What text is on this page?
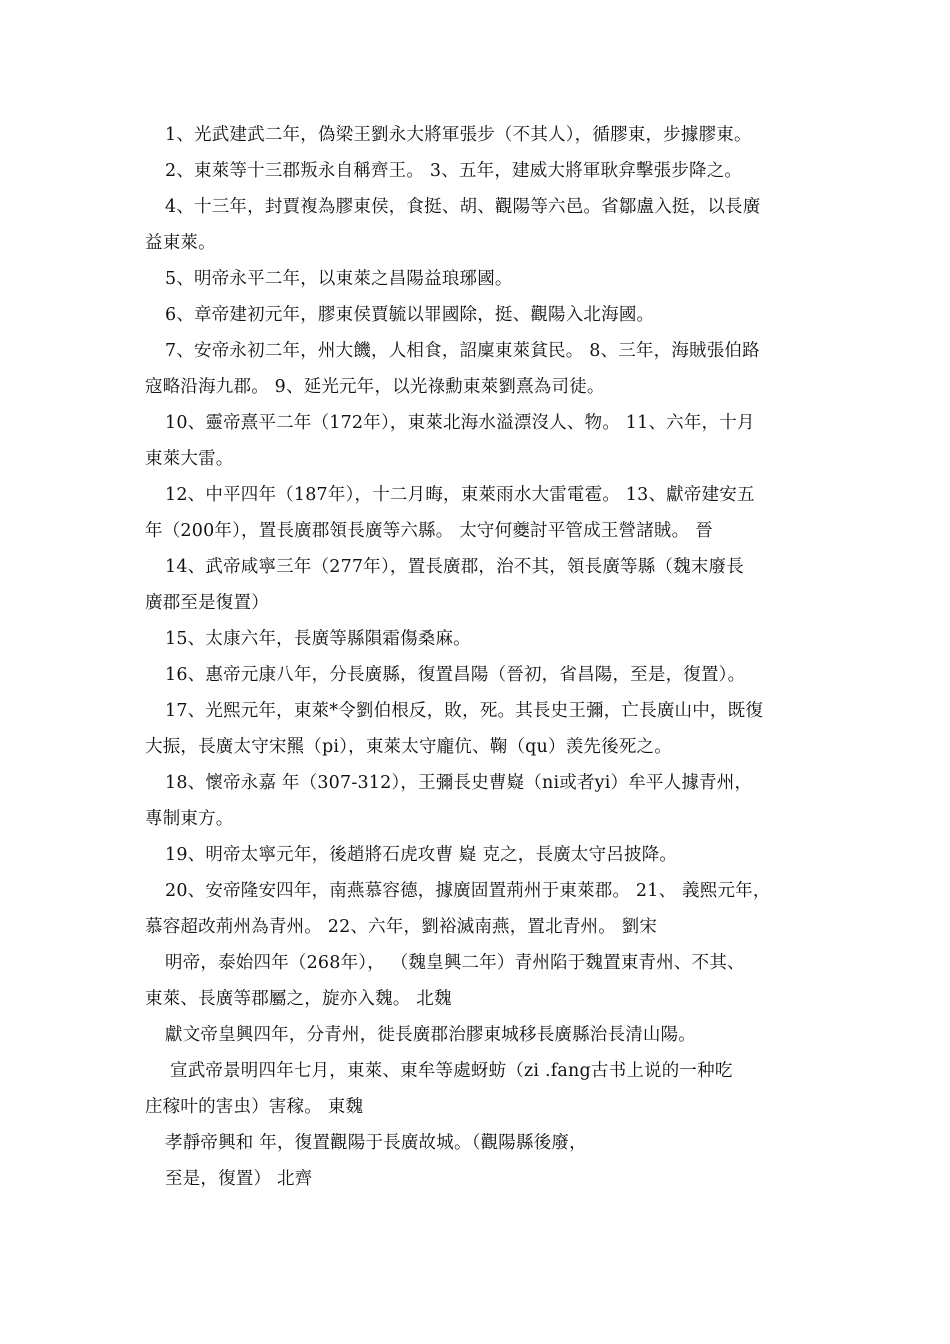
1、光武建武二年，偽梁王劉永大將軍張步（不其人），循膠東，步據膠東。
2、東萊等十三郡叛永自稱齊王。 3、五年，建威大將軍耿弇擊張步降之。
4、十三年，封賈複為膠東侯，食挺、胡、觀陽等六邑。省鄒盧入挺，以長廣
益東萊。
5、明帝永平二年，以東萊之昌陽益琅琊國。
6、章帝建初元年，膠東侯賈毓以罪國除，挺、觀陽入北海國。
7、安帝永初二年，州大饑，人相食，詔廩東萊貧民。 8、三年，海賊張伯路
寇略沿海九郡。 9、延光元年，以光祿勳東萊劉熹為司徒。
10、靈帝熹平二年（172年），東萊北海水溢漂沒人、物。 11、六年，十月
東萊大雷。
12、中平四年（187年），十二月晦，東萊雨水大雷電雹。 13、獻帝建安五
年（200年），置長廣郡領長廣等六縣。 太守何夔討平管成王營諸賊。 晉
14、武帝咸寧三年（277年），置長廣郡，治不其，領長廣等縣（魏末廢長
廣郡至是復置）
15、太康六年，長廣等縣隕霜傷桑麻。
16、惠帝元康八年，分長廣縣，復置昌陽（晉初，省昌陽，至是，復置）。
17、光熙元年，東萊*令劉伯根反，敗，死。其長史王彌，亡長廣山中，既復
大振，長廣太守宋羆（pi），東萊太守龐伉、鞠（qu）羡先後死之。
18、懷帝永嘉 年（307-312），王彌長史曹嶷（ni或者yi）牟平人據青州，
專制東方。
19、明帝太寧元年，後趙將石虎攻曹 嶷 克之，長廣太守呂披降。
20、安帝隆安四年，南燕慕容德，據廣固置荊州于東萊郡。 21、 義熙元年，
慕容超改荊州為青州。 22、六年，劉裕滅南燕，置北青州。 劉宋
明帝，泰始四年（268年）， （魏皇興二年）青州陷于魏置東青州、不其、
東萊、長廣等郡屬之，旋亦入魏。 北魏
獻文帝皇興四年，分青州，徙長廣郡治膠東城移長廣縣治長清山陽。
宣武帝景明四年七月，東萊、東牟等處蚜蚄（zi .fang古书上说的一种吃
庄稼叶的害虫）害稼。 東魏
孝靜帝興和 年，復置觀陽于長廣故城。（觀陽縣後廢，
至是，復置） 北齊
